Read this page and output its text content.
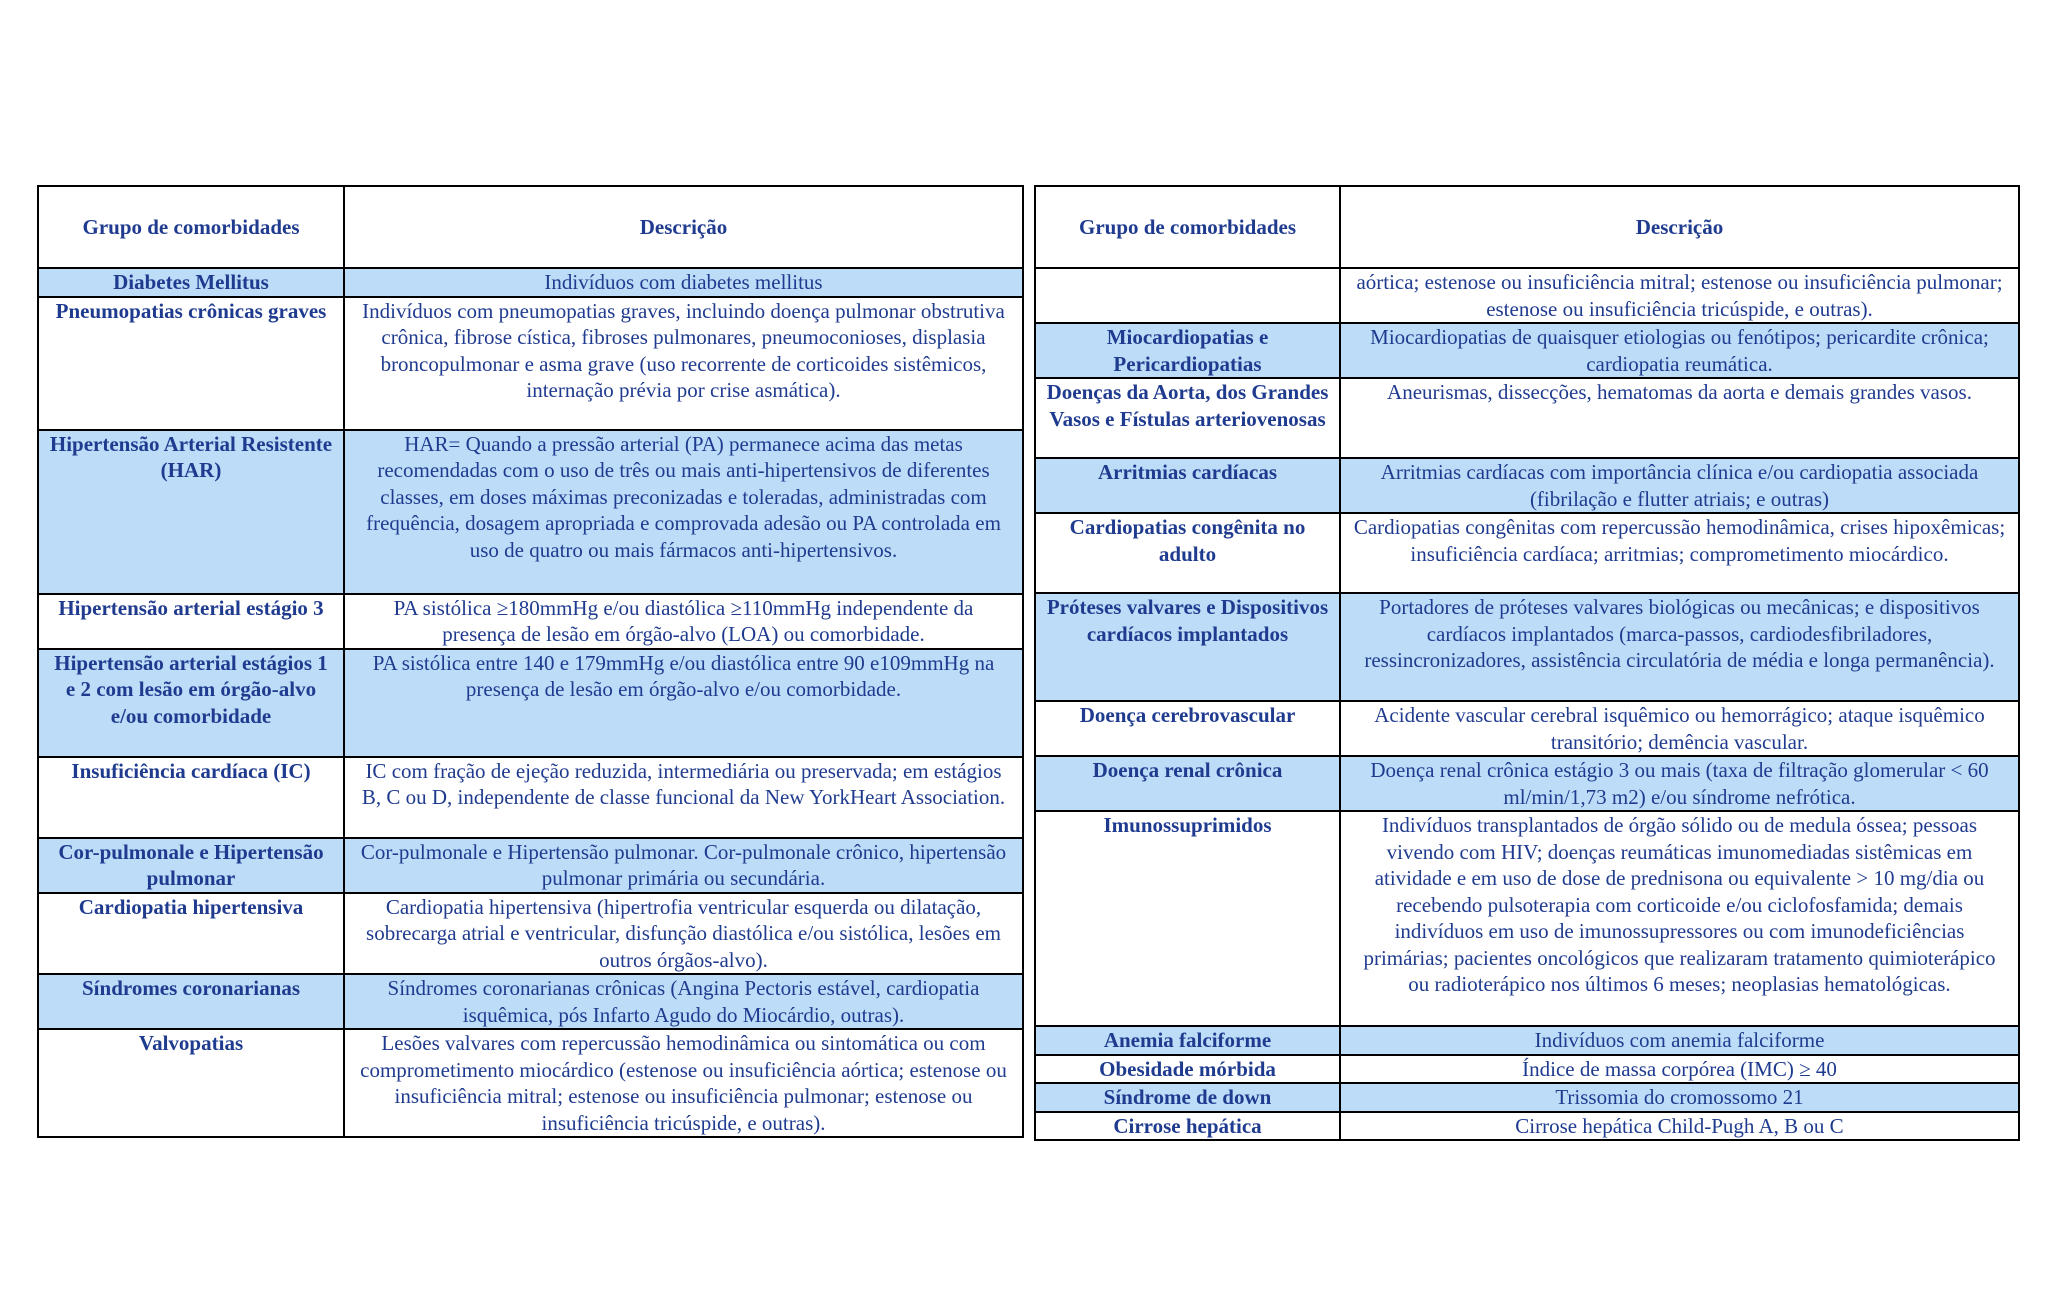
Grupo de comorbidades	Descrição
Diabetes Mellitus	Indivíduos com diabetes mellitus
Pneumopatias crônicas graves	Indivíduos com pneumopatias graves, incluindo doença pulmonar obstrutiva crônica, fibrose cística, fibroses pulmonares, pneumoconioses, displasia broncopulmonar e asma grave (uso recorrente de corticoides sistêmicos, internação prévia por crise asmática).
Hipertensão Arterial Resistente (HAR)	HAR= Quando a pressão arterial (PA) permanece acima das metas recomendadas com o uso de três ou mais anti-hipertensivos de diferentes classes, em doses máximas preconizadas e toleradas, administradas com frequência, dosagem apropriada e comprovada adesão ou PA controlada em uso de quatro ou mais fármacos anti-hipertensivos.
Hipertensão arterial estágio 3	PA sistólica ≥180mmHg e/ou diastólica ≥110mmHg independente da presença de lesão em órgão-alvo (LOA) ou comorbidade.
Hipertensão arterial estágios 1 e 2 com lesão em órgão-alvo e/ou comorbidade	PA sistólica entre 140 e 179mmHg e/ou diastólica entre 90 e109mmHg na presença de lesão em órgão-alvo e/ou comorbidade.
Insuficiência cardíaca (IC)	IC com fração de ejeção reduzida, intermediária ou preservada; em estágios B, C ou D, independente de classe funcional da New YorkHeart Association.
Cor-pulmonale e Hipertensão pulmonar	Cor-pulmonale e Hipertensão pulmonar. Cor-pulmonale crônico, hipertensão pulmonar primária ou secundária.
Cardiopatia hipertensiva	Cardiopatia hipertensiva (hipertrofia ventricular esquerda ou dilatação, sobrecarga atrial e ventricular, disfunção diastólica e/ou sistólica, lesões em outros órgãos-alvo).
Síndromes coronarianas	Síndromes coronarianas crônicas (Angina Pectoris estável, cardiopatia isquêmica, pós Infarto Agudo do Miocárdio, outras).
Valvopatias	Lesões valvares com repercussão hemodinâmica ou sintomática ou com comprometimento miocárdico (estenose ou insuficiência aórtica; estenose ou insuficiência mitral; estenose ou insuficiência pulmonar; estenose ou insuficiência tricúspide, e outras).
Grupo de comorbidades	Descrição
	aórtica; estenose ou insuficiência mitral; estenose ou insuficiência pulmonar; estenose ou insuficiência tricúspide, e outras).
Miocardiopatias e Pericardiopatias	Miocardiopatias de quaisquer etiologias ou fenótipos; pericardite crônica; cardiopatia reumática.
Doenças da Aorta, dos Grandes Vasos e Fístulas arteriovenosas	Aneurismas, dissecções, hematomas da aorta e demais grandes vasos.
Arritmias cardíacas	Arritmias cardíacas com importância clínica e/ou cardiopatia associada (fibrilação e flutter atriais; e outras)
Cardiopatias congênita no adulto	Cardiopatias congênitas com repercussão hemodinâmica, crises hipoxêmicas; insuficiência cardíaca; arritmias; comprometimento miocárdico.
Próteses valvares e Dispositivos cardíacos implantados	Portadores de próteses valvares biológicas ou mecânicas; e dispositivos cardíacos implantados (marca-passos, cardiodesfibriladores, ressincronizadores, assistência circulatória de média e longa permanência).
Doença cerebrovascular	Acidente vascular cerebral isquêmico ou hemorrágico; ataque isquêmico transitório; demência vascular.
Doença renal crônica	Doença renal crônica estágio 3 ou mais (taxa de filtração glomerular < 60 ml/min/1,73 m2) e/ou síndrome nefrótica.
Imunossuprimidos	Indivíduos transplantados de órgão sólido ou de medula óssea; pessoas vivendo com HIV; doenças reumáticas imunomediadas sistêmicas em atividade e em uso de dose de prednisona ou equivalente > 10 mg/dia ou recebendo pulsoterapia com corticoide e/ou ciclofosfamida; demais indivíduos em uso de imunossupressores ou com imunodeficiências primárias; pacientes oncológicos que realizaram tratamento quimioterápico ou radioterápico nos últimos 6 meses; neoplasias hematológicas.
Anemia falciforme	Indivíduos com anemia falciforme
Obesidade mórbida	Índice de massa corpórea (IMC) ≥ 40
Síndrome de down	Trissomia do cromossomo 21
Cirrose hepática	Cirrose hepática Child-Pugh A, B ou C
